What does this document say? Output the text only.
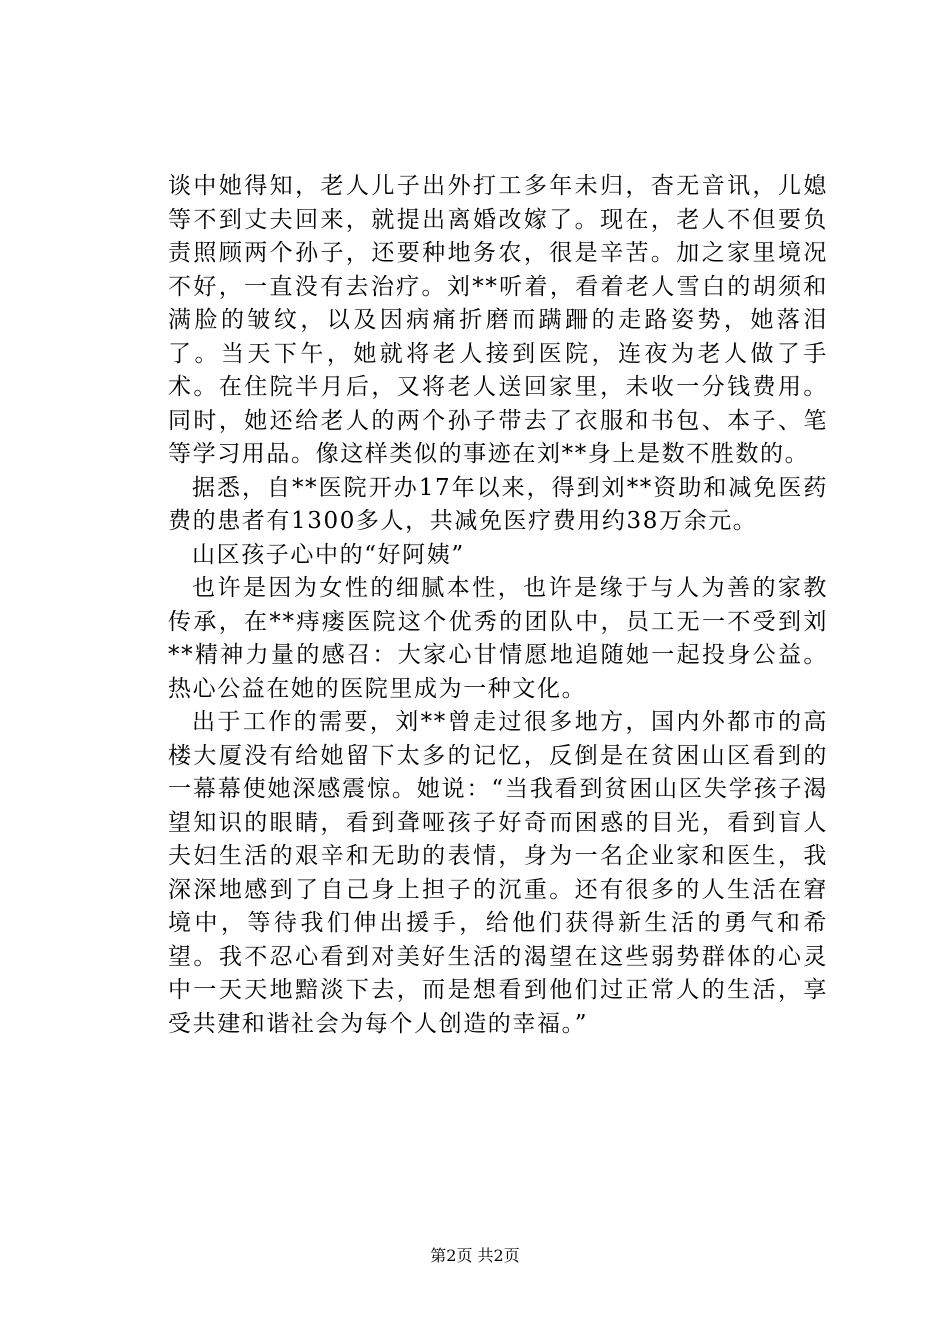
谈中她得知，老人儿子出外打工多年未归，杳无音讯，儿媳等不到丈夫回来，就提出离婚改嫁了。现在，老人不但要负责照顾两个孙子，还要种地务农，很是辛苦。加之家里境况不好，一直没有去治疗。刘**听着，看着老人雪白的胡须和满脸的皱纹，以及因病痛折磨而蹒跚的走路姿势，她落泪了。当天下午，她就将老人接到医院，连夜为老人做了手术。在住院半月后，又将老人送回家里，未收一分钱费用。同时，她还给老人的两个孙子带去了衣服和书包、本子、笔等学习用品。像这样类似的事迹在刘**身上是数不胜数的。

据悉，自**医院开办17年以来，得到刘**资助和减免医药费的患者有1300多人，共减免医疗费用约38万余元。

山区孩子心中的“好阿姨”

也许是因为女性的细腻本性，也许是缘于与人为善的家教传承，在**痔瘘医院这个优秀的团队中，员工无一不受到刘**精神力量的感召：大家心甘情愿地追随她一起投身公益。热心公益在她的医院里成为一种文化。

出于工作的需要，刘**曾走过很多地方，国内外都市的高楼大厦没有给她留下太多的记忆，反倒是在贫困山区看到的一幕幕使她深感震惊。她说：“当我看到贫困山区失学孩子渴望知识的眼睛，看到聋哑孩子好奇而困惑的目光，看到盲人夫妇生活的艰辛和无助的表情，身为一名企业家和医生，我深深地感到了自己身上担子的沉重。还有很多的人生活在窘境中，等待我们伸出援手，给他们获得新生活的勇气和希望。我不忍心看到对美好生活的渴望在这些弱势群体的心灵中一天天地黯淡下去，而是想看到他们过正常人的生活，享受共建和谐社会为每个人创造的幸福。”

第2页 共2页
